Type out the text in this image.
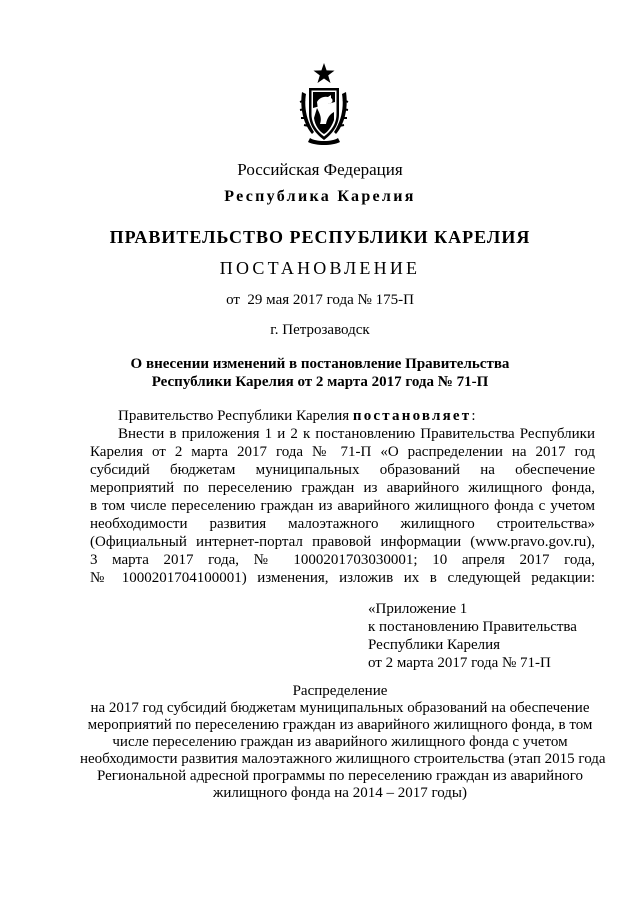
Российская Федерация
Республика Карелия
ПРАВИТЕЛЬСТВО РЕСПУБЛИКИ КАРЕЛИЯ
ПОСТАНОВЛЕНИЕ
от  29 мая 2017 года № 175-П
г. Петрозаводск
О внесении изменений в постановление Правительства
Республики Карелия от 2 марта 2017 года № 71-П

Правительство Республики Карелия постановляет:

Внести в приложения 1 и 2 к постановлению Правительства Республики

Карелия от 2 марта 2017 года № 71-П «О распределении на 2017 год

субсидий бюджетам муниципальных образований на обеспечение

мероприятий по переселению граждан из аварийного жилищного фонда,

в том числе переселению граждан из аварийного жилищного фонда с учетом

необходимости развития малоэтажного жилищного строительства»

(Официальный интернет-портал правовой информации (www.pravo.gov.ru),

3 марта 2017 года, № 1000201703030001; 10 апреля 2017 года,

№ 1000201704100001) изменения, изложив их в следующей редакции:

«Приложение 1
к постановлению Правительства
Республики Карелия
от 2 марта 2017 года № 71-П
Распределение
на 2017 год субсидий бюджетам муниципальных образований на обеспечение
мероприятий по переселению граждан из аварийного жилищного фонда, в том
числе переселению граждан из аварийного жилищного фонда с учетом
необходимости развития малоэтажного жилищного строительства (этап 2015 года
Региональной адресной программы по переселению граждан из аварийного
жилищного фонда на 2014 – 2017 годы)
